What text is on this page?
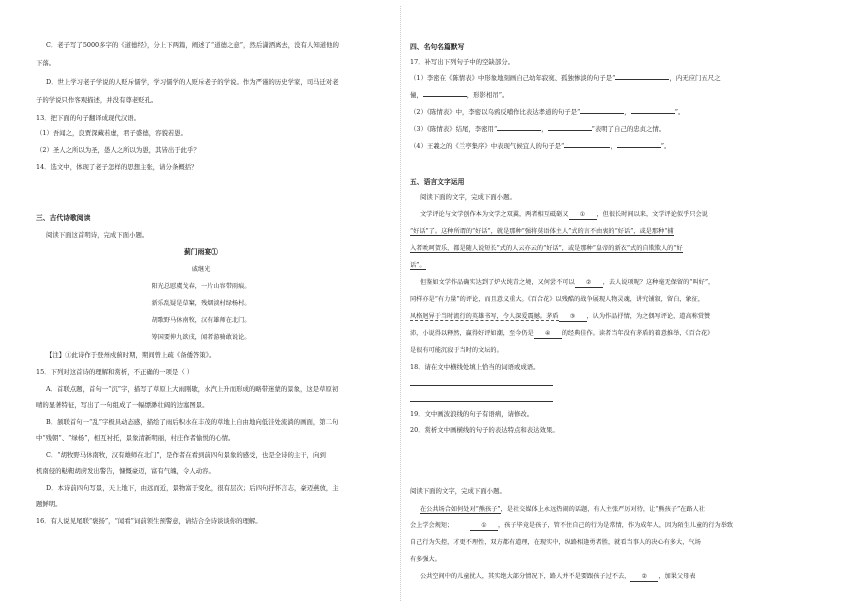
C．老子写了5000多字的《道德经》，分上下两篇，阐述了“道德之意”，然后潇洒离去，没有人知道他的
下落。
D．世上学习老子学说的人贬斥儒学，学习儒学的人贬斥老子的学说。作为严谨的历史学家，司马迁对老
子的学说只作客观描述，并没有尊老贬孔。
13．把下面的句子翻译成现代汉语。
（1）吾闻之，良贾深藏若虚，君子盛德，容貌若愚。
（2）圣人之所以为圣，愚人之所以为愚，其皆出于此乎？
14．选文中，体现了老子怎样的思想主张，请分条概括？
三、古代诗歌阅读
阅读下面这首明诗，完成下面小题。
蓟门雨宴①
戚继光
阳光总慰虞戈春，一片山容带雨痕。
新乐乱疑是草窠，残烟淡村绿杨村。
胡歌野马休南牧，汉有雄师在北门。
筹国要伸九欲戌，闻者游骑敢说论。
【注】①此诗作于登州戍蓟时期，期间曾上疏《备倭答策》。
15．下列对这首诗的理解和赏析，不正确的一项是（ ）
A．首联点题，首句一“沉”字，描写了草原上大雨刚歇，水汽上升而形成的略带迷蒙的景象，这是草原初
晴的显著特征，写出了一句组成了一幅缥渺壮阔的边塞图景。
B．颔联首句一“乱”字极具动态感，描绘了雨后积水在丰茂的草地上自由地向低洼处流淌的画面，第二句
中“残朝”、“绿杨”，相互衬托，景象清新明丽，村庄作者愉悦的心情。
C．“胡牧野马休南牧，汉有雄师在北门”，是作者在看到前四句景象的感受，也是全诗的主干，向到
机南侵的鞑靼胡虏发出警告，慷慨豪迈，富有气魄，令人动容。
D．本诗前四句写景，天上地下，由远而近，景物富于变化，很有层次；后四句抒怀言志，豪迈燕放，主
题鲜明。
16．有人说见尾联“褒扬”，“闻看”词前领生预警意，请结合全诗谈谈你的理解。
四、名句名篇默写
17．补写出下列句子中的空缺部分。
（1）李密在《陈情表》中形象地刻画自己幼年寂寞、孤独惨淡的句子是“	，内无应门五尺之
僮，	，形影相吊”。
（2）《陈情表》中，李密以乌鸦反哺作比表达孝道的句子是“	，	”。
（3）《陈情表》结尾，李密用“	，	”表明了自己的忠贞之情。
（4）王羲之的《兰亭集序》中表现气候宜人的句子是“	，	”。
五、语言文字运用
阅读下面的文字，完成下面小题。
文学评论与文学创作本为文学之双翼，两者相互砥砺又 ① ，但很长时间以来，文学评论似乎只会说
“好话”了。这种所谓的“好话”，就是那种“强将莫语体主人”式的言不由衷的“好话”，或是那种“捕
入者吮呵贺乐，都是随人说短长”式的人云亦云的“好话”，或是那种“皇帝的新衣”式的自欺欺人的“好
话”。
但鉴如文学作品确实达到了炉火纯青之境，又何尝不可以 ② ，去人说项呢？这种毫无保留的“叫好”，
同样亦是“有力量”的评论，而且意义重大。《百合花》以残酷的战争展现人物灵魂，讲究铺叙，留白，象征，
风格迥异于当时流行的英雄书写，令人深爱震撼。茅盾 ③ ，认为作品抒情，为之偶写评论，道高称赏赞
沛，小说得以释然，赢得好评如潮，至今仍是 ④ 的经典佳作。读者当年没有茅盾的着意推举，《百合花》
是很有可能沉寂于当时的文坛的。
18．请在文中横线处填上恰当的词语或成语。
19．文中画波浪线的句子有语病，请修改。
20．赏析文中画横线的句子的表达特点和表达效果。
阅读下面的文字，完成下面小题。
在公共场合如何处对“熊孩子”，是社交媒体上永远热闹的话题，有人主张严厉对待，让“熊孩子”在路人社
会上学会规矩；	① ，孩子毕竟是孩子，管不住自己的行为是常情，作为成年人，因为陌生儿童的行为举致
自己行为失控，才更不理性，双方都有道理，在现实中，纵路相逢勇者胜，就看当事人的决心有多大，气场
有多强大。
公共空间中的儿童扰人，其实绝大部分情况下，路人并不是要跟孩子过不去， ② ，加果父母表
